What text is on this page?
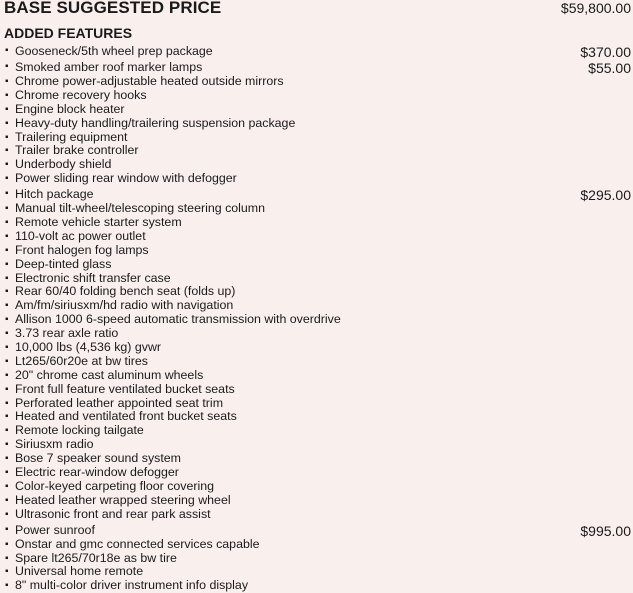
BASE SUGGESTED PRICE	$59,800.00
ADDED FEATURES
▪ Gooseneck/5th wheel prep package	$370.00
▪ Smoked amber roof marker lamps	$55.00
▪ Chrome power-adjustable heated outside mirrors
▪ Chrome recovery hooks
▪ Engine block heater
▪ Heavy-duty handling/trailering suspension package
▪ Trailering equipment
▪ Trailer brake controller
▪ Underbody shield
▪ Power sliding rear window with defogger
▪ Hitch package	$295.00
▪ Manual tilt-wheel/telescoping steering column
▪ Remote vehicle starter system
▪ 110-volt ac power outlet
▪ Front halogen fog lamps
▪ Deep-tinted glass
▪ Electronic shift transfer case
▪ Rear 60/40 folding bench seat (folds up)
▪ Am/fm/siriusxm/hd radio with navigation
▪ Allison 1000 6-speed automatic transmission with overdrive
▪ 3.73 rear axle ratio
▪ 10,000 lbs (4,536 kg) gvwr
▪ Lt265/60r20e at bw tires
▪ 20" chrome cast aluminum wheels
▪ Front full feature ventilated bucket seats
▪ Perforated leather appointed seat trim
▪ Heated and ventilated front bucket seats
▪ Remote locking tailgate
▪ Siriusxm radio
▪ Bose 7 speaker sound system
▪ Electric rear-window defogger
▪ Color-keyed carpeting floor covering
▪ Heated leather wrapped steering wheel
▪ Ultrasonic front and rear park assist
▪ Power sunroof	$995.00
▪ Onstar and gmc connected services capable
▪ Spare lt265/70r18e as bw tire
▪ Universal home remote
▪ 8" multi-color driver instrument info display
